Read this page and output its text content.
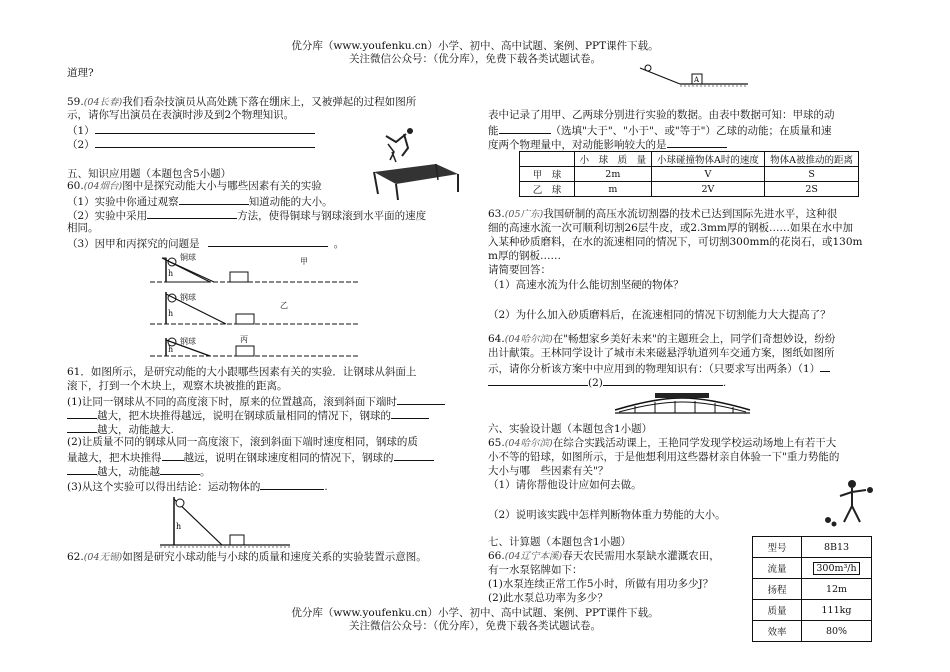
优分库（www.youfenku.cn）小学、初中、高中试题、案例、PPT课件下载。
关注微信公众号：（优分库），免费下载各类试题试卷。
道理?
59.(04长春)我们看杂技演员从高处跳下落在绷床上，又被弹起的过程如图所
示，请你写出演员在表演时涉及到2个物理知识。
（1）
（2）
五、知识应用题（本题包含5小题）
60.(04烟台)图中是探究动能大小与哪些因素有关的实验
（1）实验中你通过观察	知道动能的大小。
（2）实验中采用	方法，使得铜球与钢球滚到水平面的速度
相同。
（3）因甲和丙探究的问题是	。
铜球	甲
h
钢球
乙
h
钢球	丙
h
61．如图所示，是研究动能的大小跟哪些因素有关的实验．让钢球从斜面上
滚下，打到一个木块上，观察木块被推的距离。
(1)让同一钢球从不同的高度滚下时，原来的位置越高，滚到斜面下端时
越大，把木块推得越远，说明在钢球质量相同的情况下，钢球的
越大，动能越大.
(2)让质量不同的钢球从同一高度滚下，滚到斜面下端时速度相同，钢球的质
量越大，把木块推得 越远，说明在钢球速度相同的情况下，钢球的
越大，动能越	。
(3)从这个实验可以得出结论：运动物体的	.
h
62.(04无锡)如图是研究小球动能与小球的质量和速度关系的实验装置示意图。
A
表中记录了用甲、乙两球分别进行实验的数据。由表中数据可知：甲球的动
能	（选填"大于"、"小于"、或"等于"）乙球的动能；在质量和速
度两个物理量中，对动能影响较大的是
	小　球　质　量	小球碰撞物体A时的速度	物体A被推动的距离
甲　球	2m	V	S
乙　球	m	2V	2S
63.(05广东)我国研制的高压水流切割器的技术已达到国际先进水平，这种很
细的高速水流一次可顺利切割26层牛皮，或2.3mm厚的钢板……如果在水中加
入某种砂质磨料，在水的流速相同的情况下，可切割300mm的花岗石，或130m
m厚的钢板……
请简要回答：
（1）高速水流为什么能切割坚硬的物体？
（2）为什么加入砂质磨料后，在流速相同的情况下切割能力大大提高了？
64.(04哈尔滨)在"畅想家乡美好未来"的主题班会上，同学们奇想妙设，纷纷
出计献策。王林同学设计了城市未来磁悬浮轨道列车交通方案，图纸如图所
示，请你分析该方案中中应用到的物理知识有：（只要求写出两条）（1）
(2)	.
六、实验设计题（本题包含1小题）
65.(04哈尔滨)在综合实践活动课上，王艳同学发现学校运动场地上有若干大
小不等的铅球，如图所示，于是他想利用这些器材亲自体验一下"重力势能的
大小与哪　些因素有关"？
（1）请你帮他设计应如何去做。
（2）说明该实践中怎样判断物体重力势能的大小。
七、计算题（本题包含1小题）
66.(04辽宁本溪)春天农民需用水泵缺水灌溉农田，
有一水泵铭牌如下：
(1)水泵连续正常工作5小时，所做有用功多少J？
(2)此水泵总功率为多少？
型号	8B13
流量	300m³/h
扬程	12m
质量	111kg
效率	80%
优分库（www.youfenku.cn）小学、初中、高中试题、案例、PPT课件下载。
关注微信公众号：（优分库），免费下载各类试题试卷。
